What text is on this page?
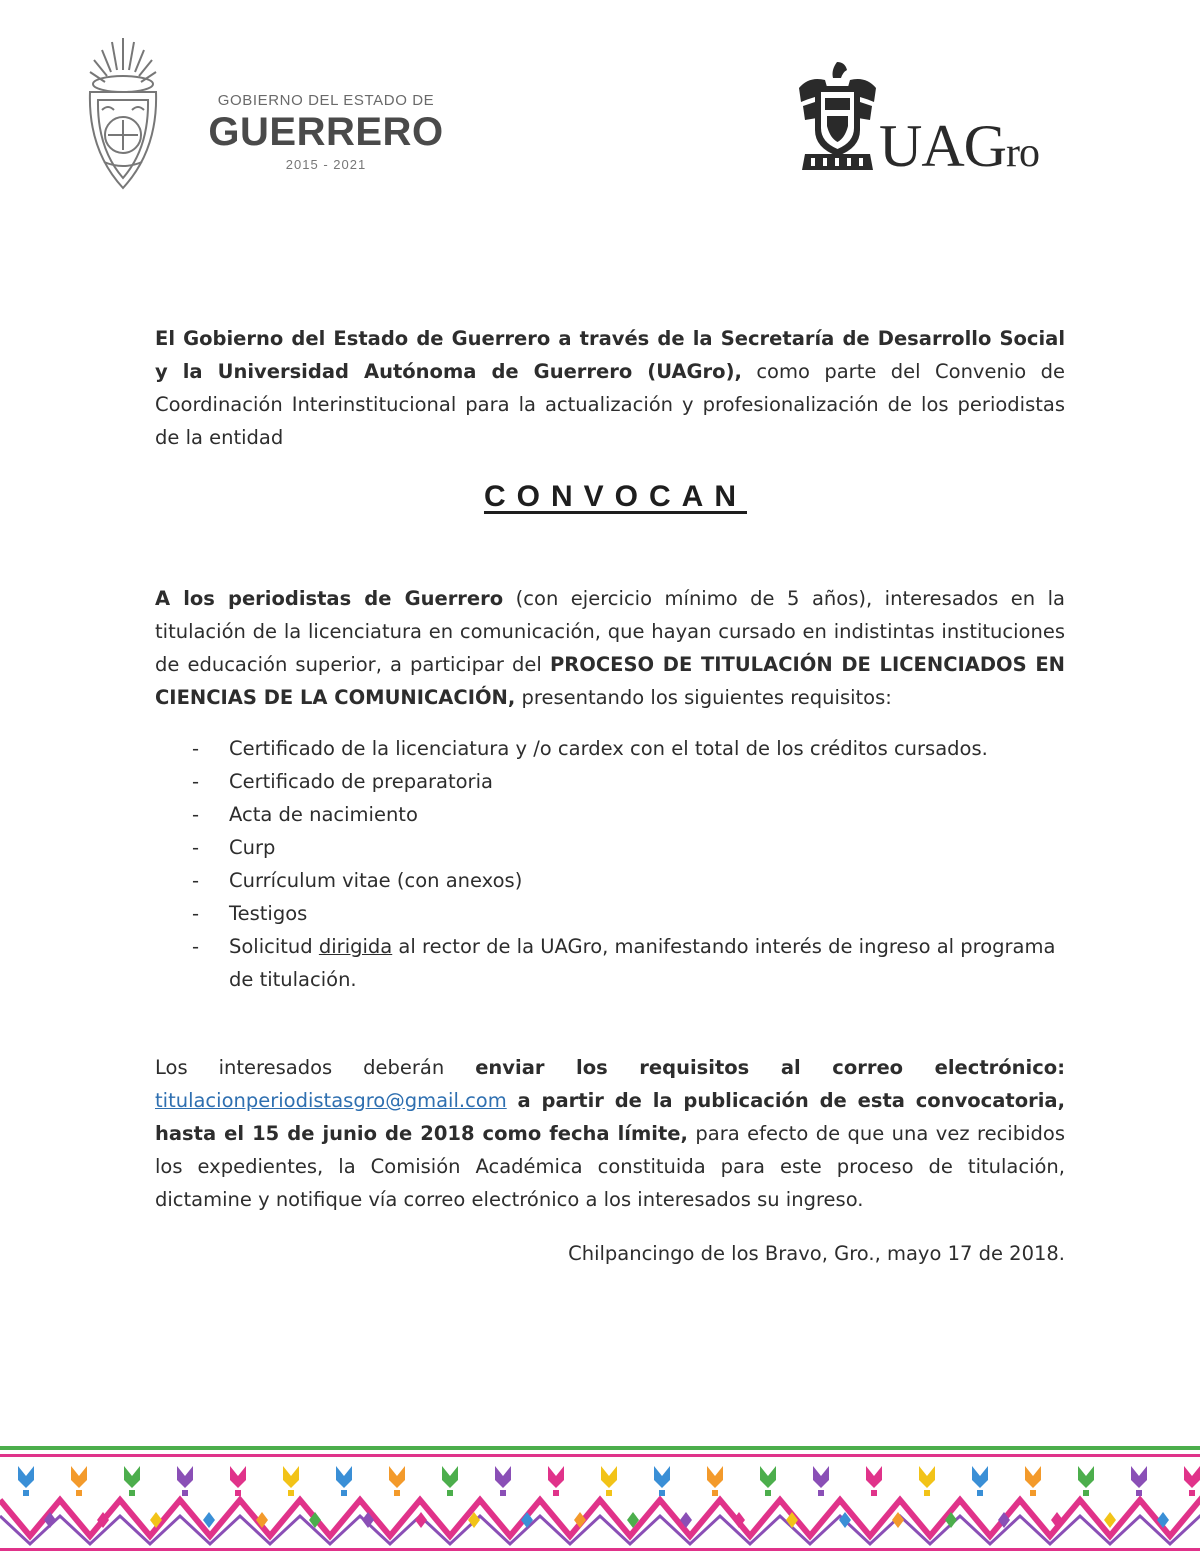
GOBIERNO DEL ESTADO DE
GUERRERO
2015 - 2021	UAGro

El Gobierno del Estado de Guerrero a través de la Secretaría de Desarrollo Social y la Universidad Autónoma de Guerrero (UAGro), como parte del Convenio de Coordinación Interinstitucional para la actualización y profesionalización de los periodistas de la entidad

CONVOCAN

A los periodistas de Guerrero (con ejercicio mínimo de 5 años), interesados en la titulación de la licenciatura en comunicación, que hayan cursado en indistintas instituciones de educación superior, a participar del PROCESO DE TITULACIÓN DE LICENCIADOS EN CIENCIAS DE LA COMUNICACIÓN, presentando los siguientes requisitos:

- Certificado de la licenciatura y /o cardex con el total de los créditos cursados.
- Certificado de preparatoria
- Acta de nacimiento
- Curp
- Currículum vitae (con anexos)
- Testigos
- Solicitud dirigida al rector de la UAGro, manifestando interés de ingreso al programa de titulación.

Los interesados deberán enviar los requisitos al correo electrónico: titulacionperiodistasgro@gmail.com a partir de la publicación de esta convocatoria, hasta el 15 de junio de 2018 como fecha límite, para efecto de que una vez recibidos los expedientes, la Comisión Académica constituida para este proceso de titulación, dictamine y notifique vía correo electrónico a los interesados su ingreso.

Chilpancingo de los Bravo, Gro., mayo 17 de 2018.
